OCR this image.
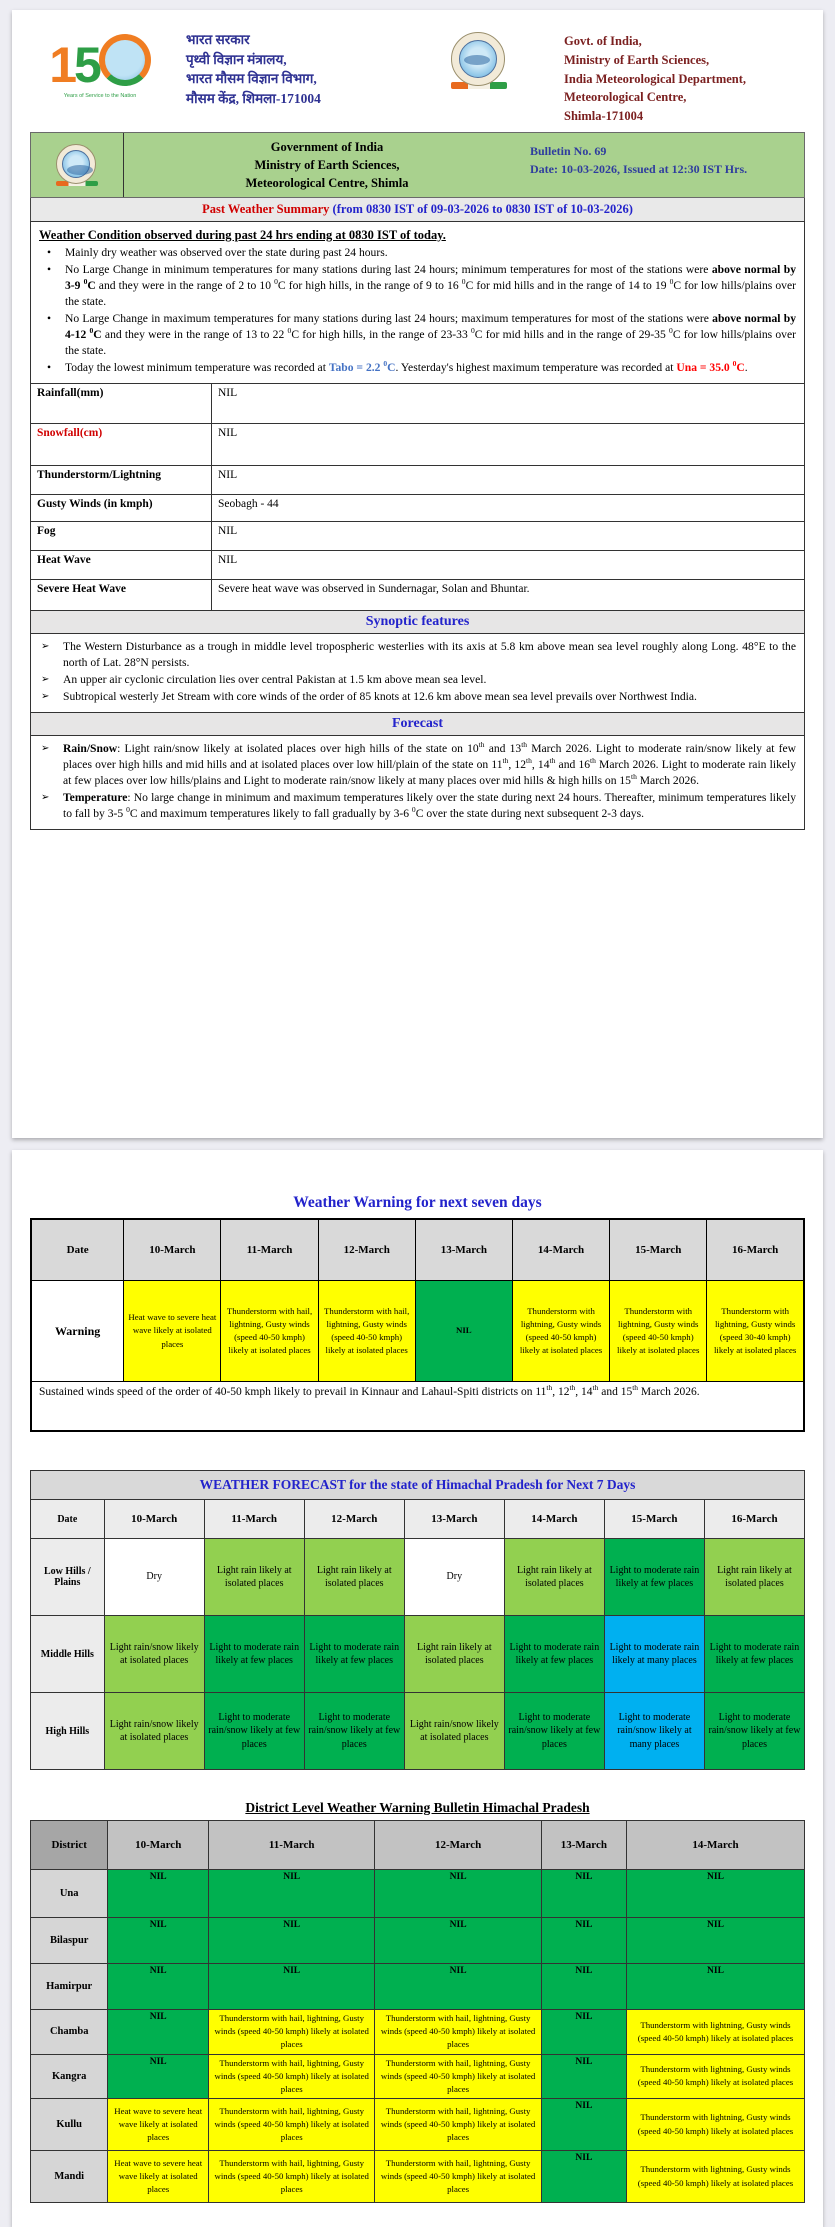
15
Years of Service to the Nation
भारत सरकार
पृथ्वी विज्ञान मंत्रालय,
भारत मौसम विज्ञान विभाग,
मौसम केंद्र, शिमला-171004
Govt. of India,
Ministry of Earth Sciences,
India Meteorological Department,
Meteorological Centre,
Shimla-171004
Government of India
Ministry of Earth Sciences,
Meteorological Centre, Shimla
Bulletin No. 69
Date: 10-03-2026, Issued at 12:30 IST Hrs.
Past Weather Summary (from 0830 IST of 09-03-2026 to 0830 IST of 10-03-2026)
Weather Condition observed during past 24 hrs ending at 0830 IST of today.
• Mainly dry weather was observed over the state during past 24 hours.
• No Large Change in minimum temperatures for many stations during last 24 hours; minimum temperatures for most of the stations were above normal by 3-9 $^0$C and they were in the range of 2 to 10 $^0$C for high hills, in the range of 9 to 16 $^0$C for mid hills and in the range of 14 to 19 $^0$C for low hills/plains over the state.
• No Large Change in maximum temperatures for many stations during last 24 hours; maximum temperatures for most of the stations were above normal by 4-12 $^0$C and they were in the range of 13 to 22 $^0$C for high hills, in the range of 23-33 $^0$C for mid hills and in the range of 29-35 $^0$C for low hills/plains over the state.
• Today the lowest minimum temperature was recorded at Tabo = 2.2 $^0$C. Yesterday's highest maximum temperature was recorded at Una = 35.0 $^0$C.
Rainfall(mm)	NIL
Snowfall(cm)	NIL
Thunderstorm/Lightning	NIL
Gusty Winds (in kmph)	Seobagh - 44
Fog	NIL
Heat Wave	NIL
Severe Heat Wave	Severe heat wave was observed in Sundernagar, Solan and Bhuntar.
Synoptic features
➢ The Western Disturbance as a trough in middle level tropospheric westerlies with its axis at 5.8 km above mean sea level roughly along Long. 48°E to the north of Lat. 28°N persists.
➢ An upper air cyclonic circulation lies over central Pakistan at 1.5 km above mean sea level.
➢ Subtropical westerly Jet Stream with core winds of the order of 85 knots at 12.6 km above mean sea level prevails over Northwest India.
Forecast
➢ Rain/Snow: Light rain/snow likely at isolated places over high hills of the state on 10th and 13th March 2026. Light to moderate rain/snow likely at few places over high hills and mid hills and at isolated places over low hill/plain of the state on 11th, 12th, 14th and 16th March 2026. Light to moderate rain likely at few places over low hills/plains and Light to moderate rain/snow likely at many places over mid hills & high hills on 15th March 2026.
➢ Temperature: No large change in minimum and maximum temperatures likely over the state during next 24 hours. Thereafter, minimum temperatures likely to fall by 3-5 $^0$C and maximum temperatures likely to fall gradually by 3-6 $^0$C over the state during next subsequent 2-3 days.
Weather Warning for next seven days
Date	10-March	11-March	12-March	13-March	14-March	15-March	16-March
Warning	Heat wave to severe heat wave likely at isolated places	Thunderstorm with hail, lightning, Gusty winds (speed 40-50 kmph) likely at isolated places	Thunderstorm with hail, lightning, Gusty winds (speed 40-50 kmph) likely at isolated places	NIL	Thunderstorm with lightning, Gusty winds (speed 40-50 kmph) likely at isolated places	Thunderstorm with lightning, Gusty winds (speed 40-50 kmph) likely at isolated places	Thunderstorm with lightning, Gusty winds (speed 30-40 kmph) likely at isolated places
Sustained winds speed of the order of 40-50 kmph likely to prevail in Kinnaur and Lahaul-Spiti districts on 11th, 12th, 14th and 15th March 2026.							
WEATHER FORECAST for the state of Himachal Pradesh for Next 7 Days							
Date	10-March	11-March	12-March	13-March	14-March	15-March	16-March
Low Hills / Plains	Dry	Light rain likely at isolated places	Light rain likely at isolated places	Dry	Light rain likely at isolated places	Light to moderate rain likely at few places	Light rain likely at isolated places
Middle Hills	Light rain/snow likely at isolated places	Light to moderate rain likely at few places	Light to moderate rain likely at few places	Light rain likely at isolated places	Light to moderate rain likely at few places	Light to moderate rain likely at many places	Light to moderate rain likely at few places
High Hills	Light rain/snow likely at isolated places	Light to moderate rain/snow likely at few places	Light to moderate rain/snow likely at few places	Light rain/snow likely at isolated places	Light to moderate rain/snow likely at few places	Light to moderate rain/snow likely at many places	Light to moderate rain/snow likely at few places
District Level Weather Warning Bulletin Himachal Pradesh
District	10-March	11-March	12-March	13-March	14-March
Una	NIL	NIL	NIL	NIL	NIL
Bilaspur	NIL	NIL	NIL	NIL	NIL
Hamirpur	NIL	NIL	NIL	NIL	NIL
Chamba	NIL	Thunderstorm with hail, lightning, Gusty winds (speed 40-50 kmph) likely at isolated places	Thunderstorm with hail, lightning, Gusty winds (speed 40-50 kmph) likely at isolated places	NIL	Thunderstorm with lightning, Gusty winds (speed 40-50 kmph) likely at isolated places
Kangra	NIL	Thunderstorm with hail, lightning, Gusty winds (speed 40-50 kmph) likely at isolated places	Thunderstorm with hail, lightning, Gusty winds (speed 40-50 kmph) likely at isolated places	NIL	Thunderstorm with lightning, Gusty winds (speed 40-50 kmph) likely at isolated places
Kullu	Heat wave to severe heat wave likely at isolated places	Thunderstorm with hail, lightning, Gusty winds (speed 40-50 kmph) likely at isolated places	Thunderstorm with hail, lightning, Gusty winds (speed 40-50 kmph) likely at isolated places	NIL	Thunderstorm with lightning, Gusty winds (speed 40-50 kmph) likely at isolated places
Mandi	Heat wave to severe heat wave likely at isolated places	Thunderstorm with hail, lightning, Gusty winds (speed 40-50 kmph) likely at isolated places	Thunderstorm with hail, lightning, Gusty winds (speed 40-50 kmph) likely at isolated places	NIL	Thunderstorm with lightning, Gusty winds (speed 40-50 kmph) likely at isolated places
